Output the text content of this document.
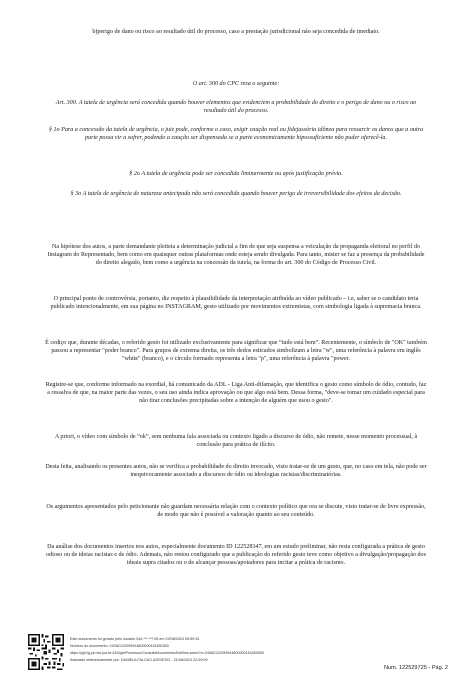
b)perigo de dano ou risco ao resultado útil do processo, caso a prestação jurisdicional não seja concedida de imediato.

O art. 300 do CPC reza o seguinte:

Art. 300. A tutela de urgência será concedida quando houver elementos que evidenciem a probabilidade do direito e o perigo de dano ou o risco ao resultado útil do processo.

§ 1o Para a concessão da tutela de urgência, o juiz pode, conforme o caso, exigir caução real ou fidejussória idônea para ressarcir os danos que a outra parte possa vir a sofrer, podendo a caução ser dispensada se a parte economicamente hipossuficiente não puder oferecê-la.

§ 2o A tutela de urgência pode ser concedida liminarmente ou após justificação prévia.

§ 3o A tutela de urgência de natureza antecipada não será concedida quando houver perigo de irreversibilidade dos efeitos da decisão.

Na hipótese dos autos, a parte demandante pleiteia a determinação judicial a fim de que seja suspensa a veiculação da propaganda eleitoral no perfil do Instagram do Representado, bem como em quaisquer outras plataformas onde esteja sendo divulgada. Para tanto, mister se faz a presença da probabilidade do direito alegado, bem como a urgência na concessão da tutela, na forma do art. 300 do Código de Processo Civil.

O principal ponto de controvérsia, portanto, diz respeito à plausibilidade da interpretação atribuída ao vídeo publicado – i.e, saber se o candidato teria publicado intencionalmente, em sua página no INSTAGRAM, gesto utilizado por movimentos extremistas, com simbologia ligada à supremacia branca.

É cediço que, durante décadas, o referido gesto foi utilizado exclusivamente para significar que “tudo está bem”. Recentemente, o símbolo de "OK" também passou a representar "poder branco". Para grupos de extrema direita, os três dedos esticados simbolizam a letra "w", uma referência à palavra em inglês "white" (branco), e o círculo formado representa a letra "p", uma referência à palavra "power.

Registre-se que, conforme informado na exordial, há comunicado da ADL - Liga Anti-difamação, que identifica o gesto como símbolo de ódio, contudo, faz a ressalva de que, na maior parte das vezes, o seu uso ainda indica aprovação ou que algo está bem. Dessa forma, "deve-se tomar um cuidado especial para não tirar conclusões precipitadas sobre a intenção de alguém que usou o gesto".

A priori, o vídeo com símbolo de “ok”, sem nenhuma fala associada ou contexto ligado a discurso de ódio, não remete, nesse momento processual, à conclusão para prática de ilícito.

Desta feita, analisando os presentes autos, não se verifica a probabilidade do direito invocado, visto tratar-se de um gesto, que, no caso em tela, não pode ser inequivocamente associado a discursos de ódio ou ideologias racistas/discriminatórias.

Os argumentos apresentados pelo peticionante não guardam necessária relação com o contexto político que ora se discute, visto tratar-se de livre expressão, de modo que não é possível a valoração quanto ao seu conteúdo.

Da análise dos documentos insertos nos autos, especialmente documento ID 122528347, em um estudo preliminar, não resta configurada a prática de gesto odioso ou de ideias racistas e de ódio. Ademais, não restou configurado que a publicação do referido gesto teve como objetivo a divulgação/propagação dos ideais supra citados ou o de alcançar pessoas/apoiadores para incitar a prática de racismo.

Este documento foi gerado pelo usuário 044.***.***-05 em 22/08/2024 05:59:33
Número do documento: 24082122090944800000115450350
https://pje1g-pb.tse.jus.br:443/pje/Processo/ConsultaDocumento/listView.seam?x=24082122090944800000115450350
Assinado eletronicamente por: DANIELA FALCAO AZEVEDO - 21/08/2024 22:09:09
Num. 122529725 - Pág. 2
